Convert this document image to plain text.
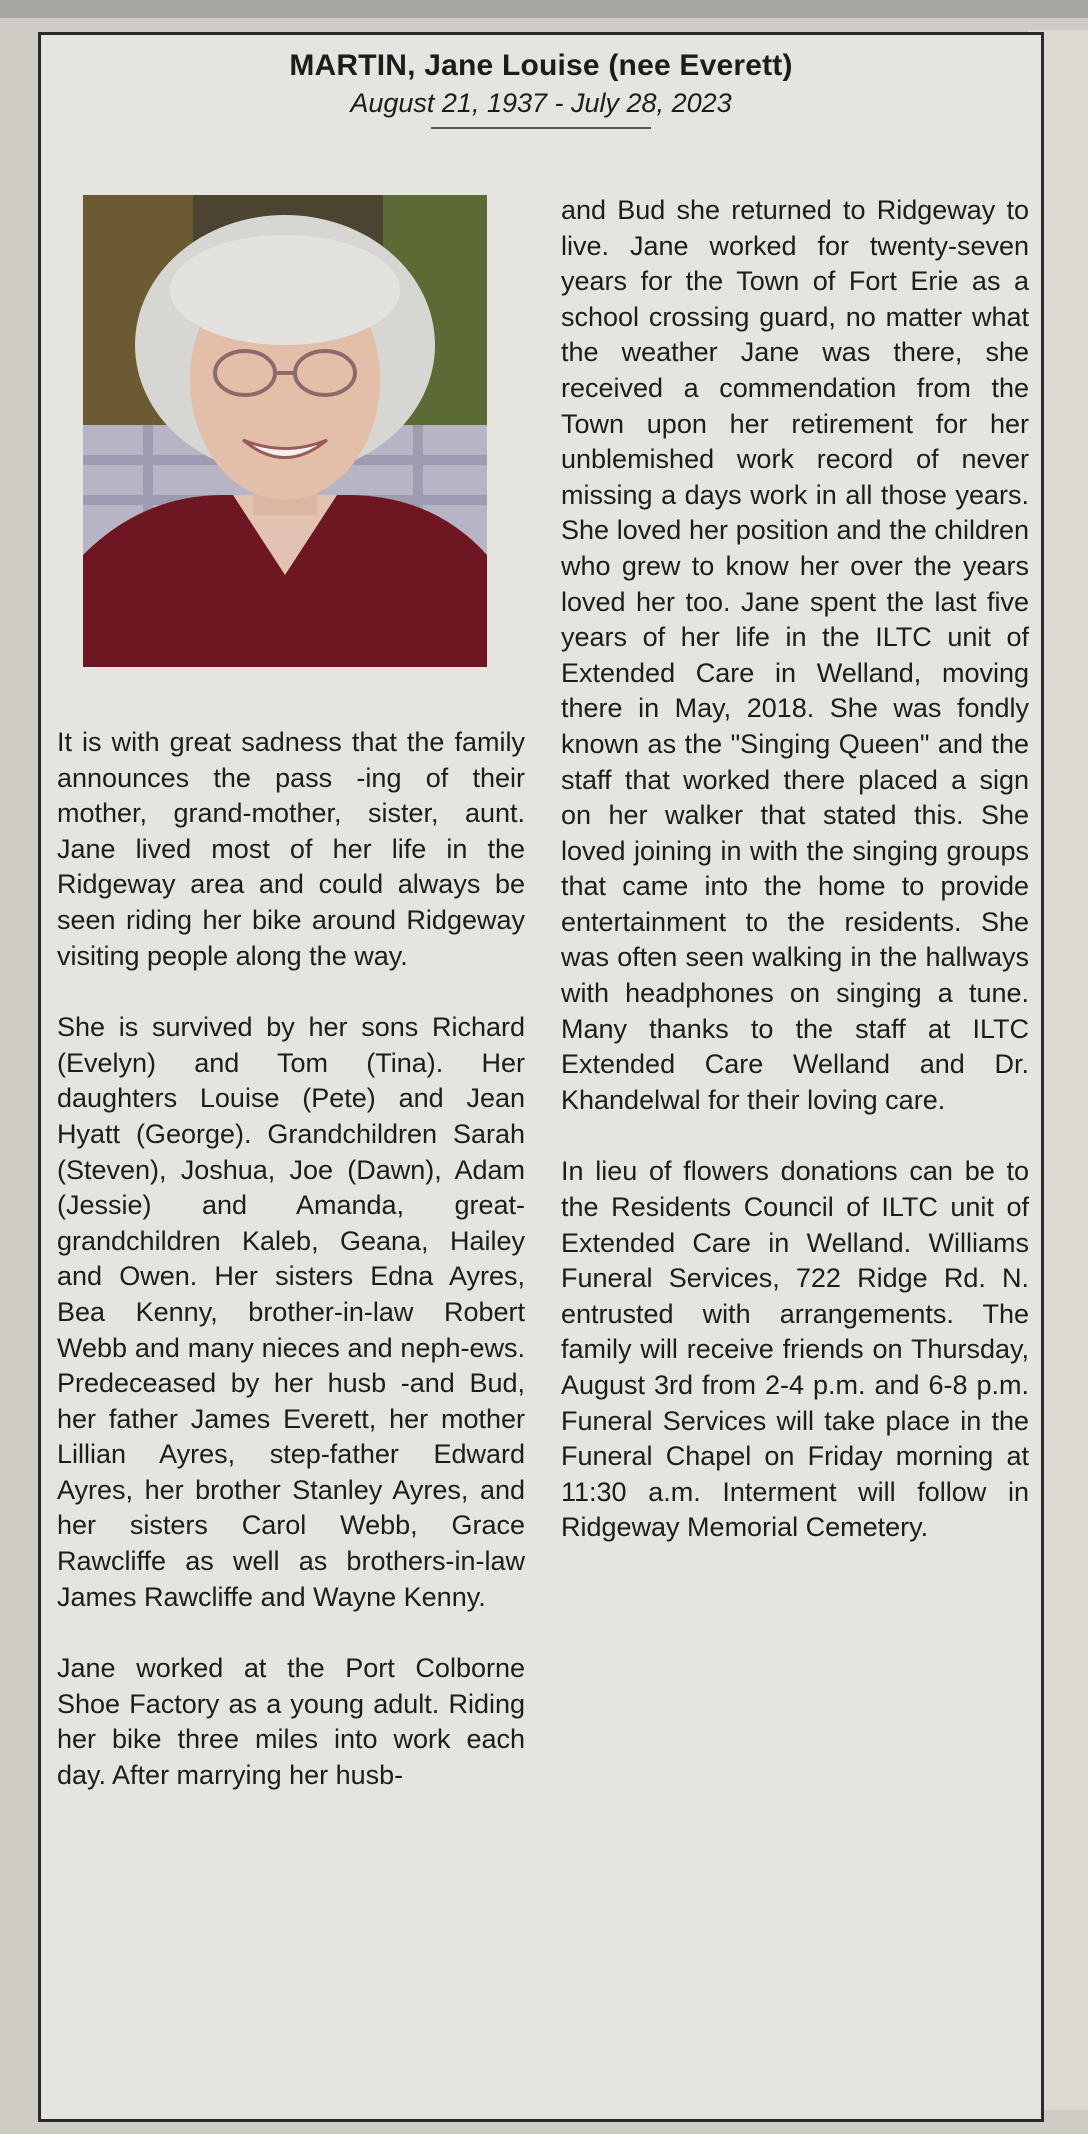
MARTIN, Jane Louise (nee Everett)

August 21, 1937 - July 28, 2023

It is with great sadness that the family announces the pass -ing of their mother, grand-mother, sister, aunt. Jane lived most of her life in the Ridgeway area and could always be seen riding her bike around Ridgeway visiting people along the way.

She is survived by her sons Richard (Evelyn) and Tom (Tina). Her daughters Louise (Pete) and Jean Hyatt (George). Grandchildren Sarah (Steven), Joshua, Joe (Dawn), Adam (Jessie) and Amanda, great-grandchildren Kaleb, Geana, Hailey and Owen. Her sisters Edna Ayres, Bea Kenny, brother-in-law Robert Webb and many nieces and neph-ews. Predeceased by her husb -and Bud, her father James Everett, her mother Lillian Ayres, step-father Edward Ayres, her brother Stanley Ayres, and her sisters Carol Webb, Grace Rawcliffe as well as brothers-in-law James Rawcliffe and Wayne Kenny.

Jane worked at the Port Colborne Shoe Factory as a young adult. Riding her bike three miles into work each day. After marrying her husb-

and Bud she returned to Ridgeway to live. Jane worked for twenty-seven years for the Town of Fort Erie as a school crossing guard, no matter what the weather Jane was there, she received a commendation from the Town upon her retirement for her unblemished work record of never missing a days work in all those years. She loved her position and the children who grew to know her over the years loved her too. Jane spent the last five years of her life in the ILTC unit of Extended Care in Welland, moving there in May, 2018. She was fondly known as the "Singing Queen" and the staff that worked there placed a sign on her walker that stated this. She loved joining in with the singing groups that came into the home to provide entertainment to the residents. She was often seen walking in the hallways with headphones on singing a tune. Many thanks to the staff at ILTC Extended Care Welland and Dr. Khandelwal for their loving care.

In lieu of flowers donations can be to the Residents Council of ILTC unit of Extended Care in Welland. Williams Funeral Services, 722 Ridge Rd. N. entrusted with arrangements. The family will receive friends on Thursday, August 3rd from 2-4 p.m. and 6-8 p.m. Funeral Services will take place in the Funeral Chapel on Friday morning at 11:30 a.m. Interment will follow in Ridgeway Memorial Cemetery.
